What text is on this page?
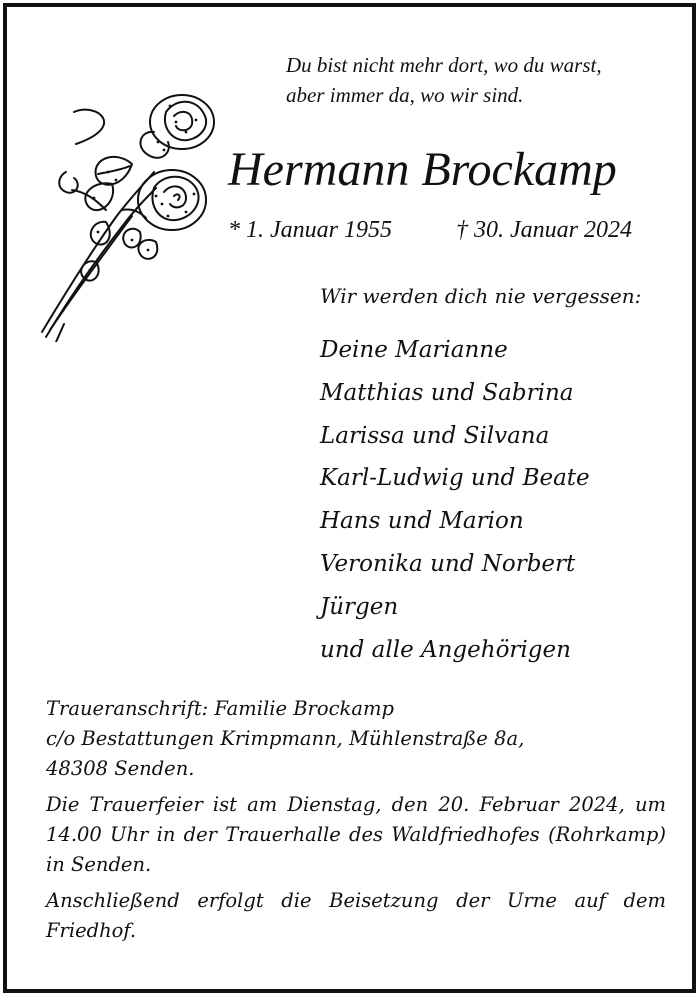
Du bist nicht mehr dort, wo du warst,
aber immer da, wo wir sind.
Hermann Brockamp
* 1. Januar 1955	† 30. Januar 2024
Wir werden dich nie vergessen:
Deine Marianne
Matthias und Sabrina
Larissa und Silvana
Karl-Ludwig und Beate
Hans und Marion
Veronika und Norbert
Jürgen
und alle Angehörigen
Traueranschrift: Familie Brockamp
c/o Bestattungen Krimpmann, Mühlenstraße 8a,
48308 Senden.
Die Trauerfeier ist am Dienstag, den 20. Februar 2024, um 14.00 Uhr in der Trauerhalle des Waldfriedhofes (Rohrkamp) in Senden.
Anschließend erfolgt die Beisetzung der Urne auf dem Friedhof.
